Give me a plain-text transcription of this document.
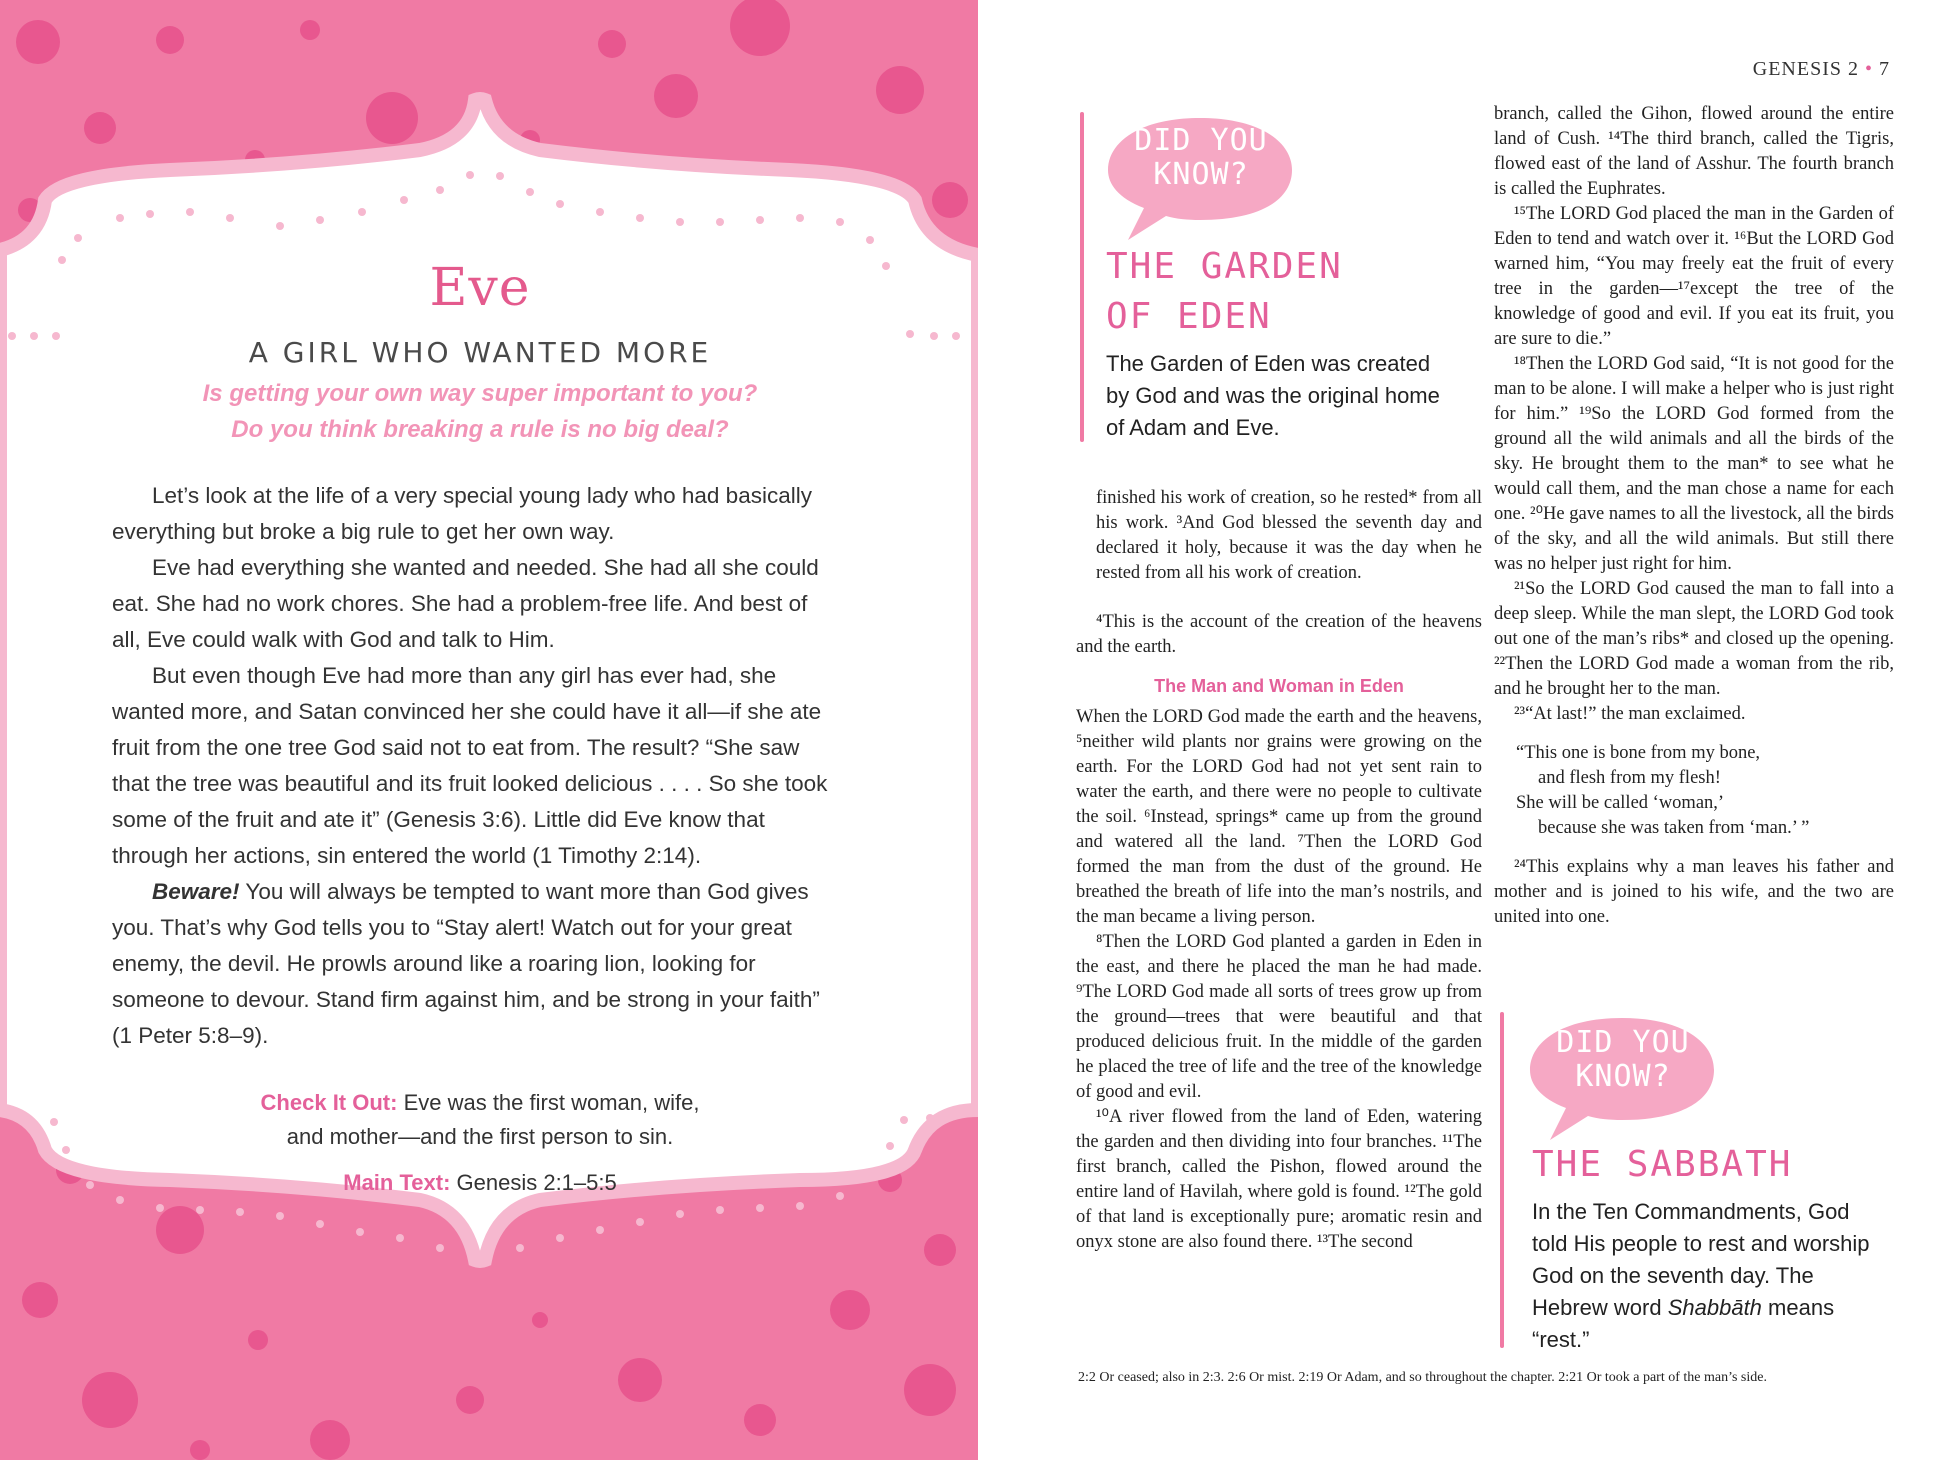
Eve
A GIRL WHO WANTED MORE
Is getting your own way super important to you?
Do you think breaking a rule is no big deal?

Let’s look at the life of a very special young lady who had basically everything but broke a big rule to get her own way.

Eve had everything she wanted and needed. She had all she could eat. She had no work chores. She had a problem-free life. And best of all, Eve could walk with God and talk to Him.

But even though Eve had more than any girl has ever had, she wanted more, and Satan convinced her she could have it all—if she ate fruit from the one tree God said not to eat from. The result? “She saw that the tree was beautiful and its fruit looked delicious . . . . So she took some of the fruit and ate it” (Genesis 3:6). Little did Eve know that through her actions, sin entered the world (1 Timothy 2:14).

Beware! You will always be tempted to want more than God gives you. That’s why God tells you to “Stay alert! Watch out for your great enemy, the devil. He prowls around like a roaring lion, looking for someone to devour. Stand firm against him, and be strong in your faith” (1 Peter 5:8–9).

Check It Out: Eve was the first woman, wife,
and mother—and the first person to sin.
Main Text: Genesis 2:1–5:5
GENESIS 2 • 7
DID YOU
KNOW?
THE GARDEN
OF EDEN
The Garden of Eden was created by God and was the original home of Adam and Eve.

finished his work of creation, so he rested* from all his work. ³And God blessed the seventh day and declared it holy, because it was the day when he rested from all his work of creation.

⁴This is the account of the creation of the heavens and the earth.

The Man and Woman in Eden

When the LORD God made the earth and the heavens, ⁵neither wild plants nor grains were growing on the earth. For the LORD God had not yet sent rain to water the earth, and there were no people to cultivate the soil. ⁶Instead, springs* came up from the ground and watered all the land. ⁷Then the LORD God formed the man from the dust of the ground. He breathed the breath of life into the man’s nostrils, and the man became a living person.

⁸Then the LORD God planted a garden in Eden in the east, and there he placed the man he had made. ⁹The LORD God made all sorts of trees grow up from the ground—trees that were beautiful and that produced delicious fruit. In the middle of the garden he placed the tree of life and the tree of the knowledge of good and evil.

¹⁰A river flowed from the land of Eden, watering the garden and then dividing into four branches. ¹¹The first branch, called the Pishon, flowed around the entire land of Havilah, where gold is found. ¹²The gold of that land is exceptionally pure; aromatic resin and onyx stone are also found there. ¹³The second

branch, called the Gihon, flowed around the entire land of Cush. ¹⁴The third branch, called the Tigris, flowed east of the land of Asshur. The fourth branch is called the Euphrates.

¹⁵The LORD God placed the man in the Garden of Eden to tend and watch over it. ¹⁶But the LORD God warned him, “You may freely eat the fruit of every tree in the garden—¹⁷except the tree of the knowledge of good and evil. If you eat its fruit, you are sure to die.”

¹⁸Then the LORD God said, “It is not good for the man to be alone. I will make a helper who is just right for him.” ¹⁹So the LORD God formed from the ground all the wild animals and all the birds of the sky. He brought them to the man* to see what he would call them, and the man chose a name for each one. ²⁰He gave names to all the livestock, all the birds of the sky, and all the wild animals. But still there was no helper just right for him.

²¹So the LORD God caused the man to fall into a deep sleep. While the man slept, the LORD God took out one of the man’s ribs* and closed up the opening. ²²Then the LORD God made a woman from the rib, and he brought her to the man.

²³“At last!” the man exclaimed.

“This one is bone from my bone,
and flesh from my flesh!
She will be called ‘woman,’
because she was taken from ‘man.’ ”

²⁴This explains why a man leaves his father and mother and is joined to his wife, and the two are united into one.

DID YOU
KNOW?
THE SABBATH
In the Ten Commandments, God told His people to rest and worship God on the seventh day. The Hebrew word Shabbāth means “rest.”
2:2 Or ceased; also in 2:3. 2:6 Or mist. 2:19 Or Adam, and so throughout the chapter. 2:21 Or took a part of the man’s side.
